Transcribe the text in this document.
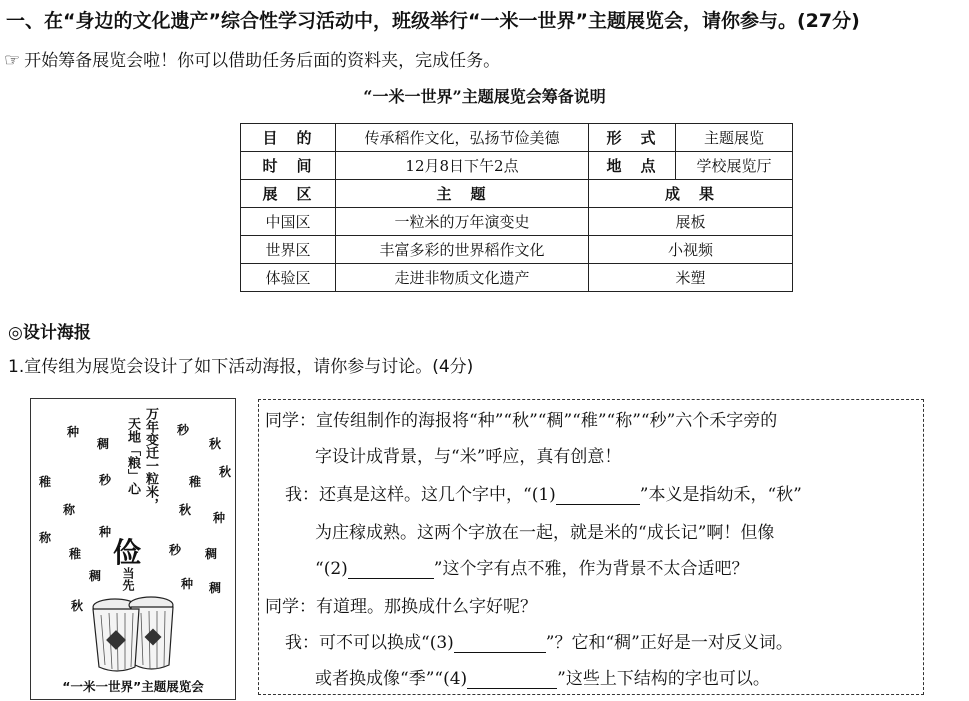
一、在“身边的文化遗产”综合性学习活动中，班级举行“一米一世界”主题展览会，请你参与。(27分)
☞ 开始筹备展览会啦！你可以借助任务后面的资料夹，完成任务。
“一米一世界”主题展览会筹备说明
目　的	传承稻作文化，弘扬节俭美德	形　式	主题展览
时　间	12月8日下午2点	地　点	学校展览厅
展　区	主　题	成　果	
中国区	一粒米的万年演变史	展板	
世界区	丰富多彩的世界稻作文化	小视频	
体验区	走进非物质文化遗产	米塑	
◎设计海报
1.宣传组为展览会设计了如下活动海报，请你参与讨论。(4分)
万年变迁一粒米，
天地「粮」心
俭
当先
种	秒
稠	秋
稚	秒	稚
秋
称
种
秋
称
稚	秒
种
稠
秋
稠
种 稠
“一米一世界”主题展览会
同学：宣传组制作的海报将“种”“秋”“稠”“稚”“称”“秒”六个禾字旁的
字设计成背景，与“米”呼应，真有创意！
我：还真是这样。这几个字中，“(1)	”本义是指幼禾，“秋”
为庄稼成熟。这两个字放在一起，就是米的“成长记”啊！但像
“(2)	”这个字有点不雅，作为背景不太合适吧？
同学：有道理。那换成什么字好呢？
我：可不可以换成“(3)	”？它和“稠”正好是一对反义词。
或者换成像“季”“(4)	”这些上下结构的字也可以。
